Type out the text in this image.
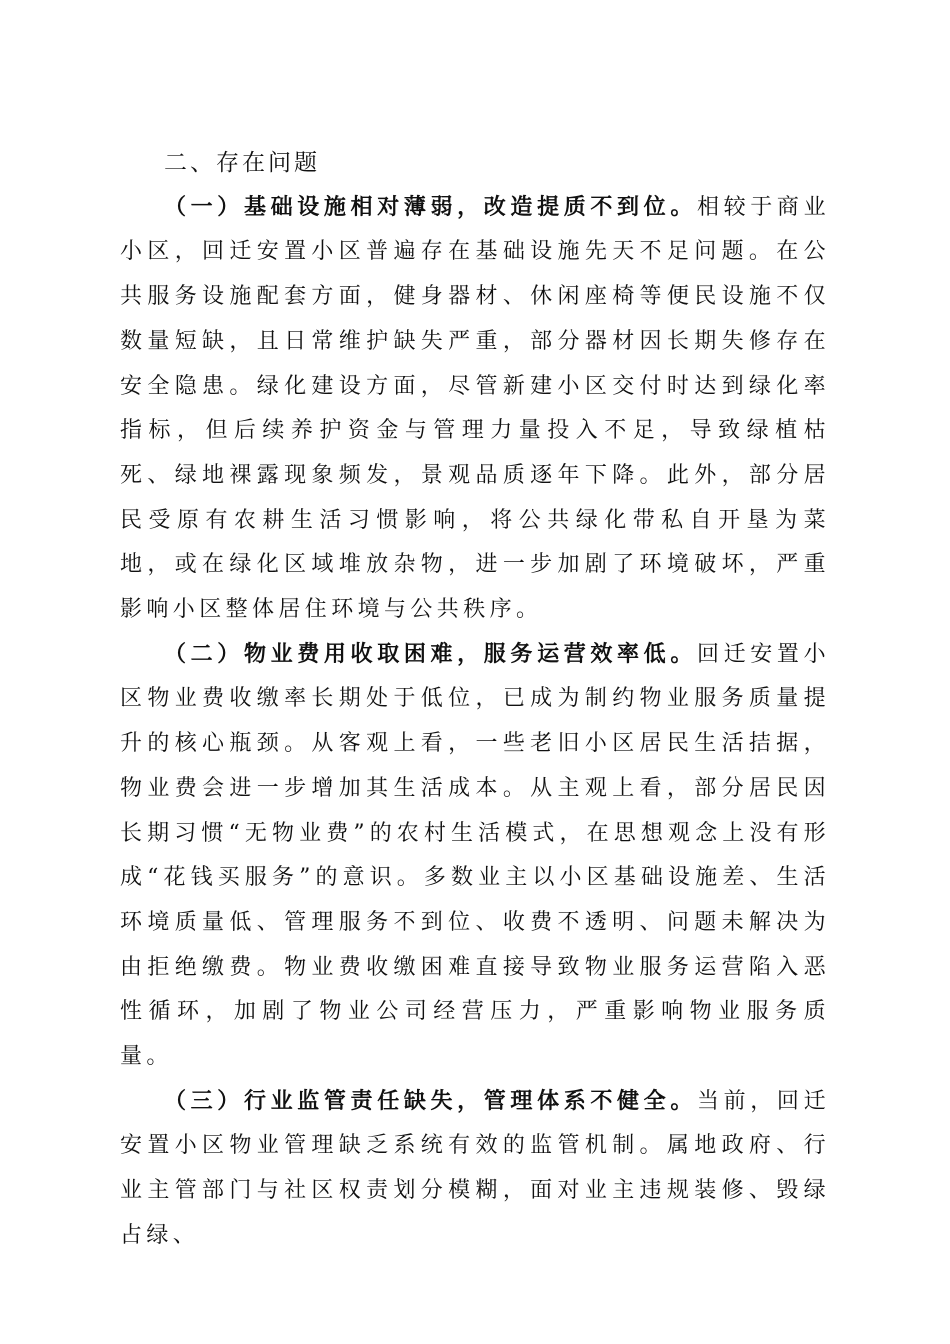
二、存在问题

（一）基础设施相对薄弱，改造提质不到位。相较于商业小区，回迁安置小区普遍存在基础设施先天不足问题。在公共服务设施配套方面，健身器材、休闲座椅等便民设施不仅数量短缺，且日常维护缺失严重，部分器材因长期失修存在安全隐患。绿化建设方面，尽管新建小区交付时达到绿化率指标，但后续养护资金与管理力量投入不足，导致绿植枯死、绿地裸露现象频发，景观品质逐年下降。此外，部分居民受原有农耕生活习惯影响，将公共绿化带私自开垦为菜地，或在绿化区域堆放杂物，进一步加剧了环境破坏，严重影响小区整体居住环境与公共秩序。

（二）物业费用收取困难，服务运营效率低。回迁安置小区物业费收缴率长期处于低位，已成为制约物业服务质量提升的核心瓶颈。从客观上看，一些老旧小区居民生活拮据，物业费会进一步增加其生活成本。从主观上看，部分居民因长期习惯“无物业费”的农村生活模式，在思想观念上没有形成“花钱买服务”的意识。多数业主以小区基础设施差、生活环境质量低、管理服务不到位、收费不透明、问题未解决为由拒绝缴费。物业费收缴困难直接导致物业服务运营陷入恶性循环，加剧了物业公司经营压力，严重影响物业服务质量。

（三）行业监管责任缺失，管理体系不健全。当前，回迁安置小区物业管理缺乏系统有效的监管机制。属地政府、行业主管部门与社区权责划分模糊，面对业主违规装修、毁绿占绿、
